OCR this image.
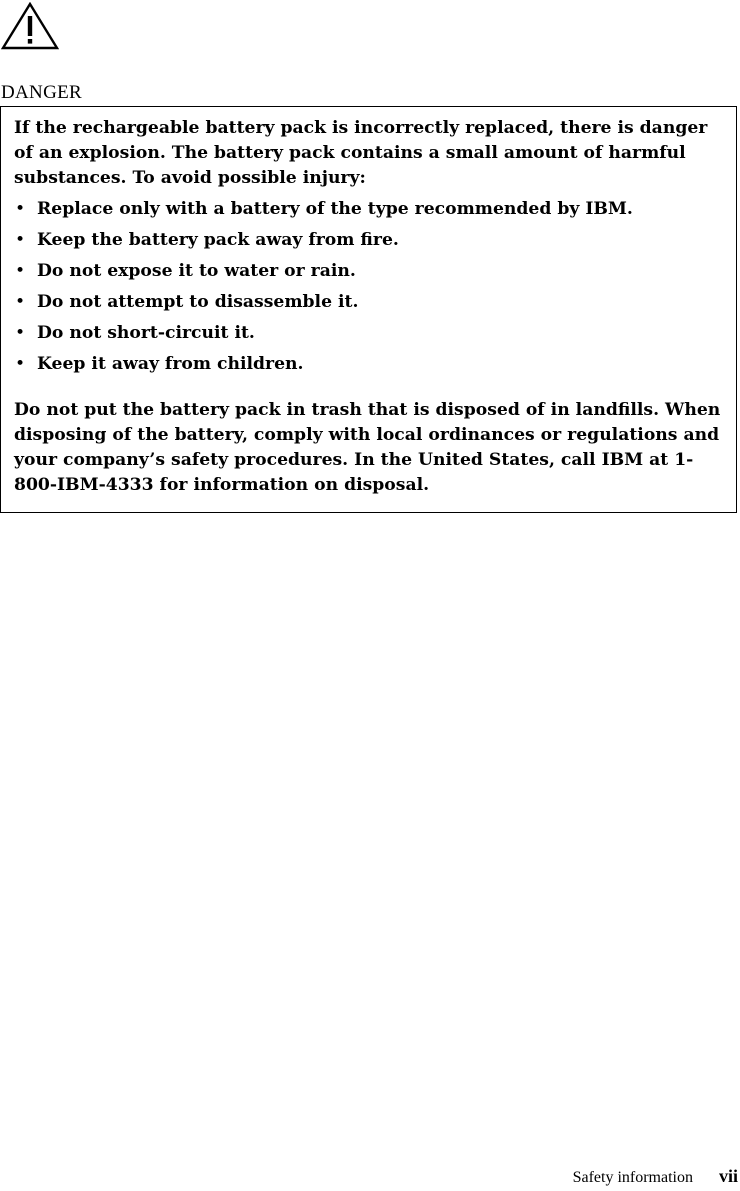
DANGER

If the rechargeable battery pack is incorrectly replaced, there is danger of an explosion. The battery pack contains a small amount of harmful substances. To avoid possible injury:

• Replace only with a battery of the type recommended by IBM.
• Keep the battery pack away from fire.
• Do not expose it to water or rain.
• Do not attempt to disassemble it.
• Do not short-circuit it.
• Keep it away from children.

Do not put the battery pack in trash that is disposed of in landfills. When disposing of the battery, comply with local ordinances or regulations and your company’s safety procedures. In the United States, call IBM at 1-800-IBM-4333 for information on disposal.

Safety information vii
